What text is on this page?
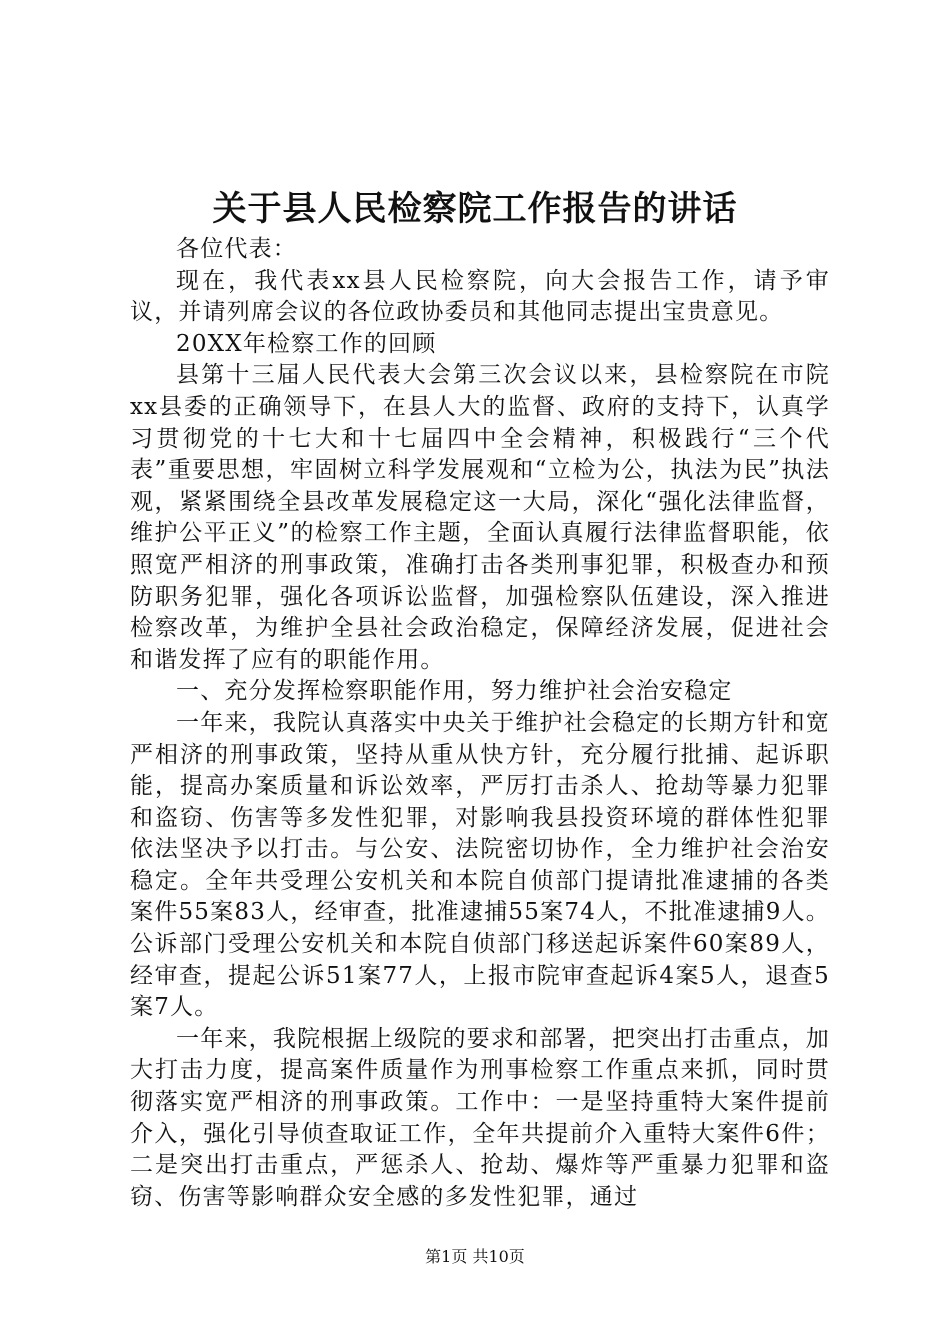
关于县人民检察院工作报告的讲话

各位代表：

现在，我代表xx县人民检察院，向大会报告工作，请予审议，并请列席会议的各位政协委员和其他同志提出宝贵意见。

20XX年检察工作的回顾

县第十三届人民代表大会第三次会议以来，县检察院在市院xx县委的正确领导下，在县人大的监督、政府的支持下，认真学习贯彻党的十七大和十七届四中全会精神，积极践行“三个代表”重要思想，牢固树立科学发展观和“立检为公，执法为民”执法观，紧紧围绕全县改革发展稳定这一大局，深化“强化法律监督，维护公平正义”的检察工作主题，全面认真履行法律监督职能，依照宽严相济的刑事政策，准确打击各类刑事犯罪，积极查办和预防职务犯罪，强化各项诉讼监督，加强检察队伍建设，深入推进检察改革，为维护全县社会政治稳定，保障经济发展，促进社会和谐发挥了应有的职能作用。

一、充分发挥检察职能作用，努力维护社会治安稳定

一年来，我院认真落实中央关于维护社会稳定的长期方针和宽严相济的刑事政策，坚持从重从快方针，充分履行批捕、起诉职能，提高办案质量和诉讼效率，严厉打击杀人、抢劫等暴力犯罪和盗窃、伤害等多发性犯罪，对影响我县投资环境的群体性犯罪依法坚决予以打击。与公安、法院密切协作，全力维护社会治安稳定。全年共受理公安机关和本院自侦部门提请批准逮捕的各类案件55案83人，经审查，批准逮捕55案74人，不批准逮捕9人。公诉部门受理公安机关和本院自侦部门移送起诉案件60案89人，经审查，提起公诉51案77人，上报市院审查起诉4案5人，退查5案7人。

一年来，我院根据上级院的要求和部署，把突出打击重点，加大打击力度，提高案件质量作为刑事检察工作重点来抓，同时贯彻落实宽严相济的刑事政策。工作中：一是坚持重特大案件提前介入，强化引导侦查取证工作，全年共提前介入重特大案件6件；二是突出打击重点，严惩杀人、抢劫、爆炸等严重暴力犯罪和盗窃、伤害等影响群众安全感的多发性犯罪，通过

第1页 共10页
